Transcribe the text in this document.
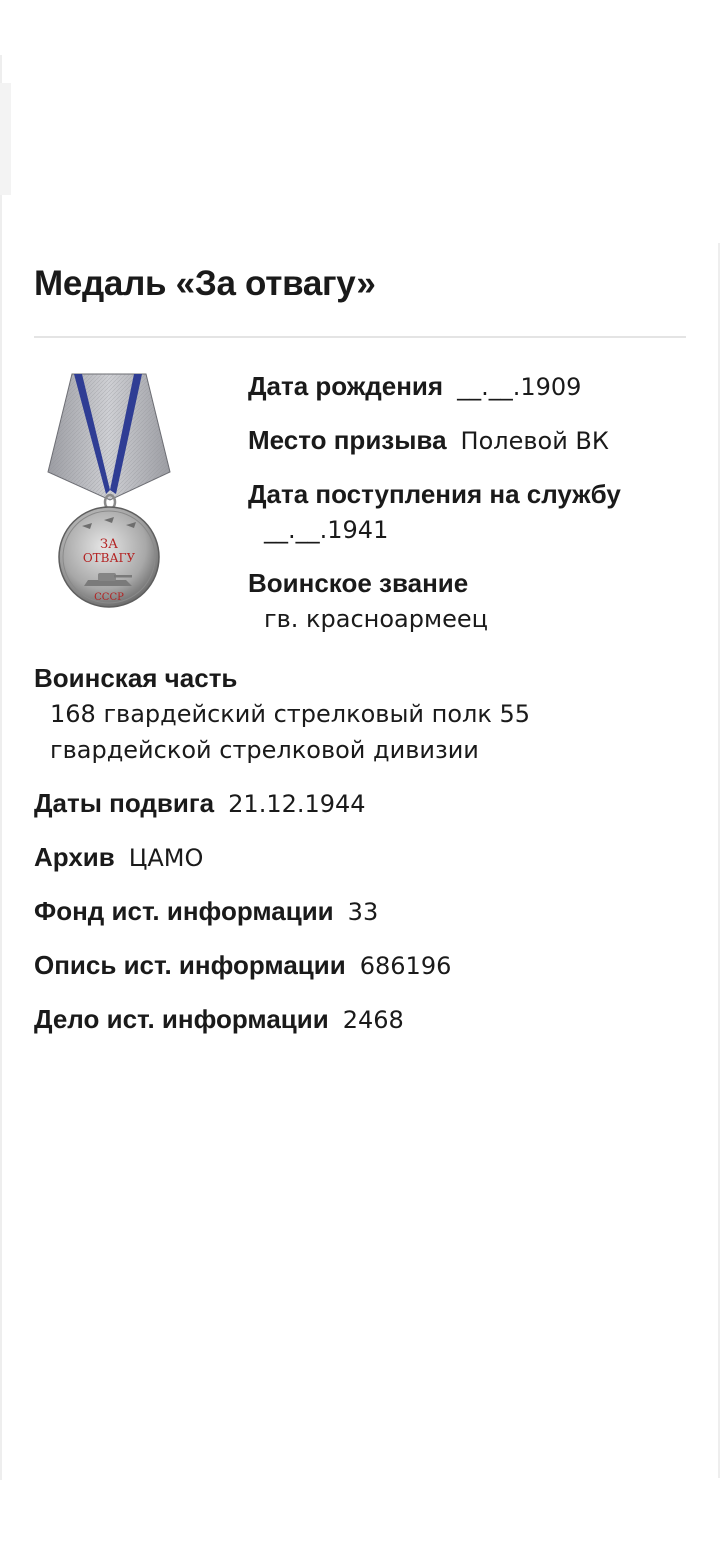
Медаль «За отвагу»
ЗА
ОТВАГУ
СССР
Дата рождения __.__.1909
Место призыва Полевой ВК
Дата поступления на службу
__.__.1941
Воинское звание
гв. красноармеец
Воинская часть
168 гвардейский стрелковый полк 55 гвардейской стрелковой дивизии
Даты подвига 21.12.1944
Архив ЦАМО
Фонд ист. информации 33
Опись ист. информации 686196
Дело ист. информации 2468
